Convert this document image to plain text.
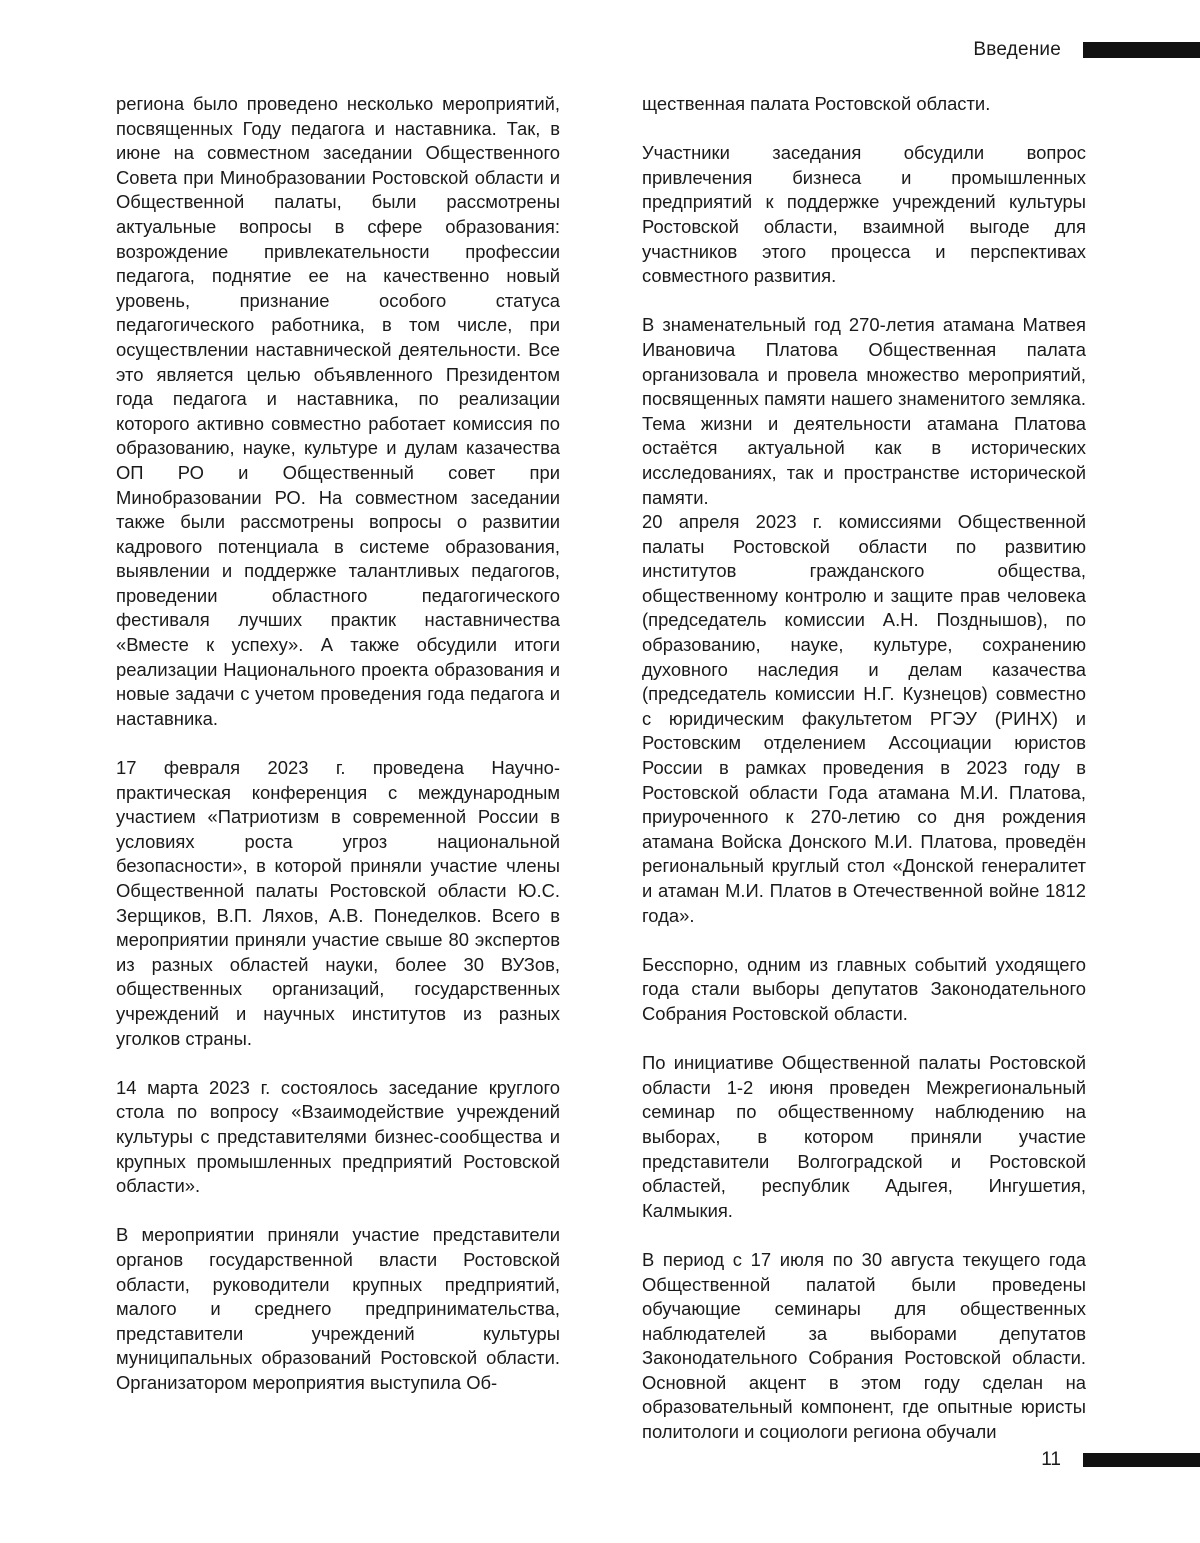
Введение

региона было проведено несколько мероприятий, посвященных Году педагога и наставника. Так, в июне на совместном заседании Общественного Совета при Минобразовании Ростовской области и Общественной палаты, были рассмотрены актуальные вопросы в сфере образования: возрождение привлекательности профессии педагога, поднятие ее на качественно новый уровень, признание особого статуса педагогического работника, в том числе, при осуществлении наставнической деятельности. Все это является целью объявленного Президентом года педагога и наставника, по реализации которого активно совместно работает комиссия по образованию, науке, культуре и дулам казачества ОП РО и Общественный совет при Минобразовании РО. На совместном заседании также были рассмотрены вопросы о развитии кадрового потенциала в системе образования, выявлении и поддержке талантливых педагогов, проведении областного педагогического фестиваля лучших практик наставничества «Вместе к успеху». А также обсудили итоги реализации Национального проекта образования и новые задачи с учетом проведения года педагога и наставника.

17 февраля 2023 г. проведена Научно-практическая конференция с международным участием «Патриотизм в современной России в условиях роста угроз национальной безопасности», в которой приняли участие члены Общественной палаты Ростовской области Ю.С. Зерщиков, В.П. Ляхов, А.В. Понеделков. Всего в мероприятии приняли участие свыше 80 экспертов из разных областей науки, более 30 ВУЗов, общественных организаций, государственных учреждений и научных институтов из разных уголков страны.

14 марта 2023 г. состоялось заседание круглого стола по вопросу «Взаимодействие учреждений культуры с представителями бизнес-сообщества и крупных промышленных предприятий Ростовской области».

В мероприятии приняли участие представители органов государственной власти Ростовской области, руководители крупных предприятий, малого и среднего предпринимательства, представители учреждений культуры муниципальных образований Ростовской области. Организатором мероприятия выступила Об-

щественная палата Ростовской области.

Участники заседания обсудили вопрос привлечения бизнеса и промышленных предприятий к поддержке учреждений культуры Ростовской области, взаимной выгоде для участников этого процесса и перспективах совместного развития.

В знаменательный год 270-летия атамана Матвея Ивановича Платова Общественная палата организовала и провела множество мероприятий, посвященных памяти нашего знаменитого земляка. Тема жизни и деятельности атамана Платова остаётся актуальной как в исторических исследованиях, так и пространстве исторической памяти.

20 апреля 2023 г. комиссиями Общественной палаты Ростовской области по развитию институтов гражданского общества, общественному контролю и защите прав человека (председатель комиссии А.Н. Поздныш​ов), по образованию, науке, культуре, сохранению духовного наследия и делам казачества (председатель комиссии Н.Г. Кузнецов) совместно с юридическим факультетом РГЭУ (РИНХ) и Ростовским отделением Ассоциации юристов России в рамках проведения в 2023 году в Ростовской области Года атамана М.И. Платова, приуроченного к 270-летию со дня рождения атамана Войска Донского М.И. Платова, проведён региональный круглый стол «Донской генералитет и атаман М.И. Платов в Отечественной войне 1812 года».

Бесспорно, одним из главных событий уходящего года стали выборы депутатов Законодательного Собрания Ростовской области.

По инициативе Общественной палаты Ростовской области 1-2 июня проведен Межрегиональный семинар по общественному наблюдению на выборах, в котором приняли участие представители Волгоградской и Ростовской областей, республик Адыгея, Ингушетия, Калмыкия.

В период с 17 июля по 30 августа текущего года Общественной палатой были проведены обучающие семинары для общественных наблюдателей за выборами депутатов Законодательного Собрания Ростовской области. Основной акцент в этом году сделан на образовательный компонент, где опытные юристы политологи и социологи региона обучали

11
